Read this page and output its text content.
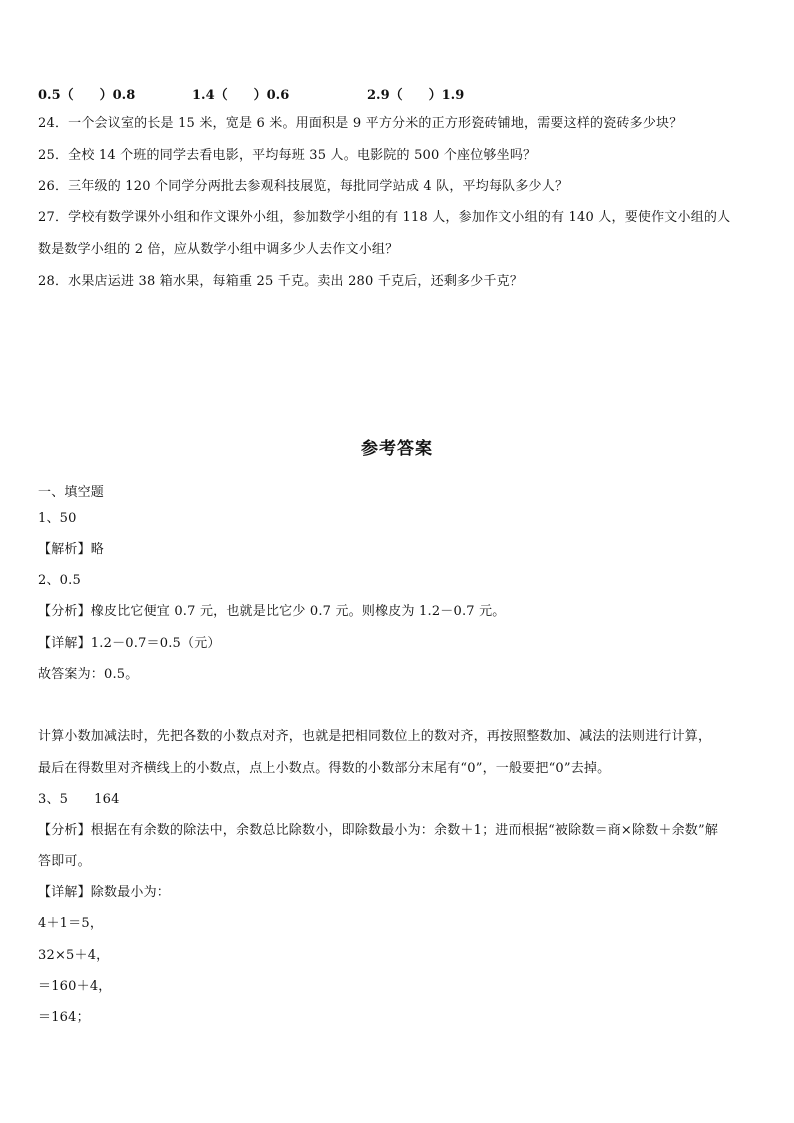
0.5（ ）0.8	1.4（ ）0.6	2.9（ ）1.9
24．一个会议室的长是 15 米，宽是 6 米。用面积是 9 平方分米的正方形瓷砖铺地，需要这样的瓷砖多少块？
25．全校 14 个班的同学去看电影，平均每班 35 人。电影院的 500 个座位够坐吗？
26．三年级的 120 个同学分两批去参观科技展览，每批同学站成 4 队，平均每队多少人？
27．学校有数学课外小组和作文课外小组，参加数学小组的有 118 人，参加作文小组的有 140 人，要使作文小组的人
数是数学小组的 2 倍，应从数学小组中调多少人去作文小组？
28．水果店运进 38 箱水果，每箱重 25 千克。卖出 280 千克后，还剩多少千克？
参考答案
一、填空题
1、50
【解析】略
2、0.5
【分析】橡皮比它便宜 0.7 元，也就是比它少 0.7 元。则橡皮为 1.2－0.7 元。
【详解】1.2－0.7＝0.5（元）
故答案为：0.5。
计算小数加减法时，先把各数的小数点对齐，也就是把相同数位上的数对齐，再按照整数加、减法的法则进行计算，
最后在得数里对齐横线上的小数点，点上小数点。得数的小数部分末尾有“0”，一般要把“0”去掉。
3、5      164
【分析】根据在有余数的除法中，余数总比除数小，即除数最小为：余数＋1；进而根据“被除数＝商×除数＋余数”解
答即可。
【详解】除数最小为：
4＋1＝5，
32×5＋4，
＝160＋4，
＝164；
